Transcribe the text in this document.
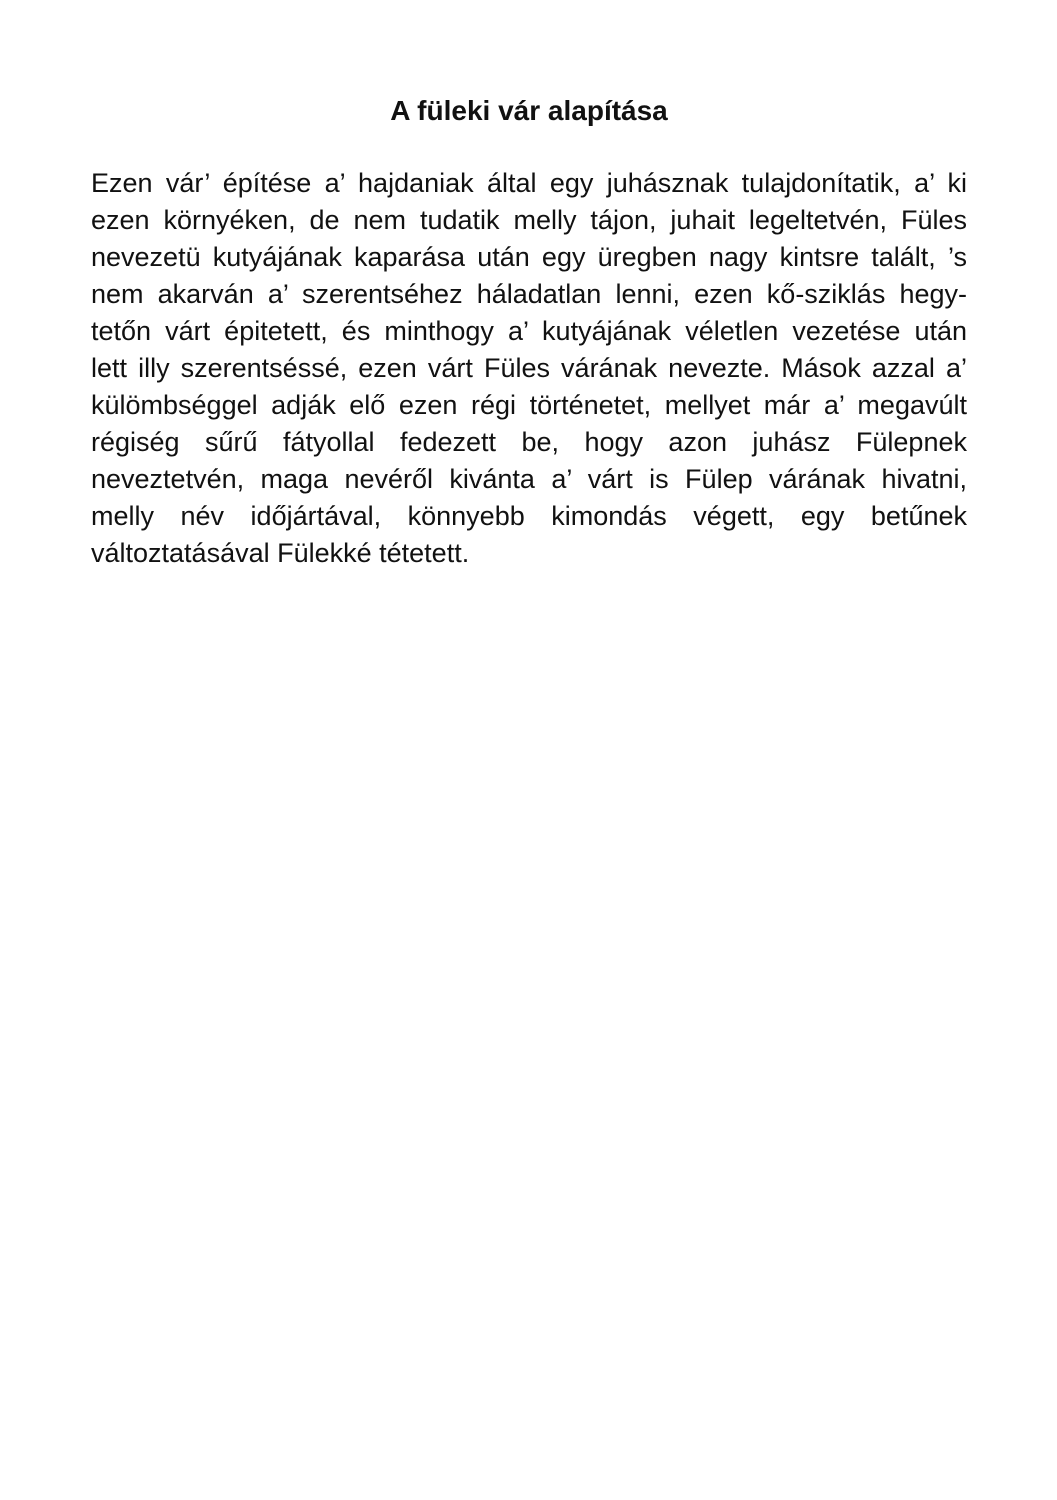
A füleki vár alapítása
Ezen vár’ építése a’ hajdaniak által egy juhásznak tulajdonítatik, a’ ki
ezen környéken, de nem tudatik melly tájon, juhait legeltetvén, Füles
nevezetü kutyájának kaparása után egy üregben nagy kintsre talált, ’s
nem akarván a’ szerentséhez háladatlan lenni, ezen kő-sziklás hegy-
tetőn várt épitetett, és minthogy a’ kutyájának véletlen vezetése után
lett illy szerentséssé, ezen várt Füles várának nevezte. Mások azzal a’
külömbséggel adják elő ezen régi történetet, mellyet már a’ megavúlt
régiség sűrű fátyollal fedezett be, hogy azon juhász Fülepnek
neveztetvén, maga nevéről kivánta a’ várt is Fülep várának hivatni,
melly név időjártával, könnyebb kimondás végett, egy betűnek
változtatásával Fülekké tétetett.
